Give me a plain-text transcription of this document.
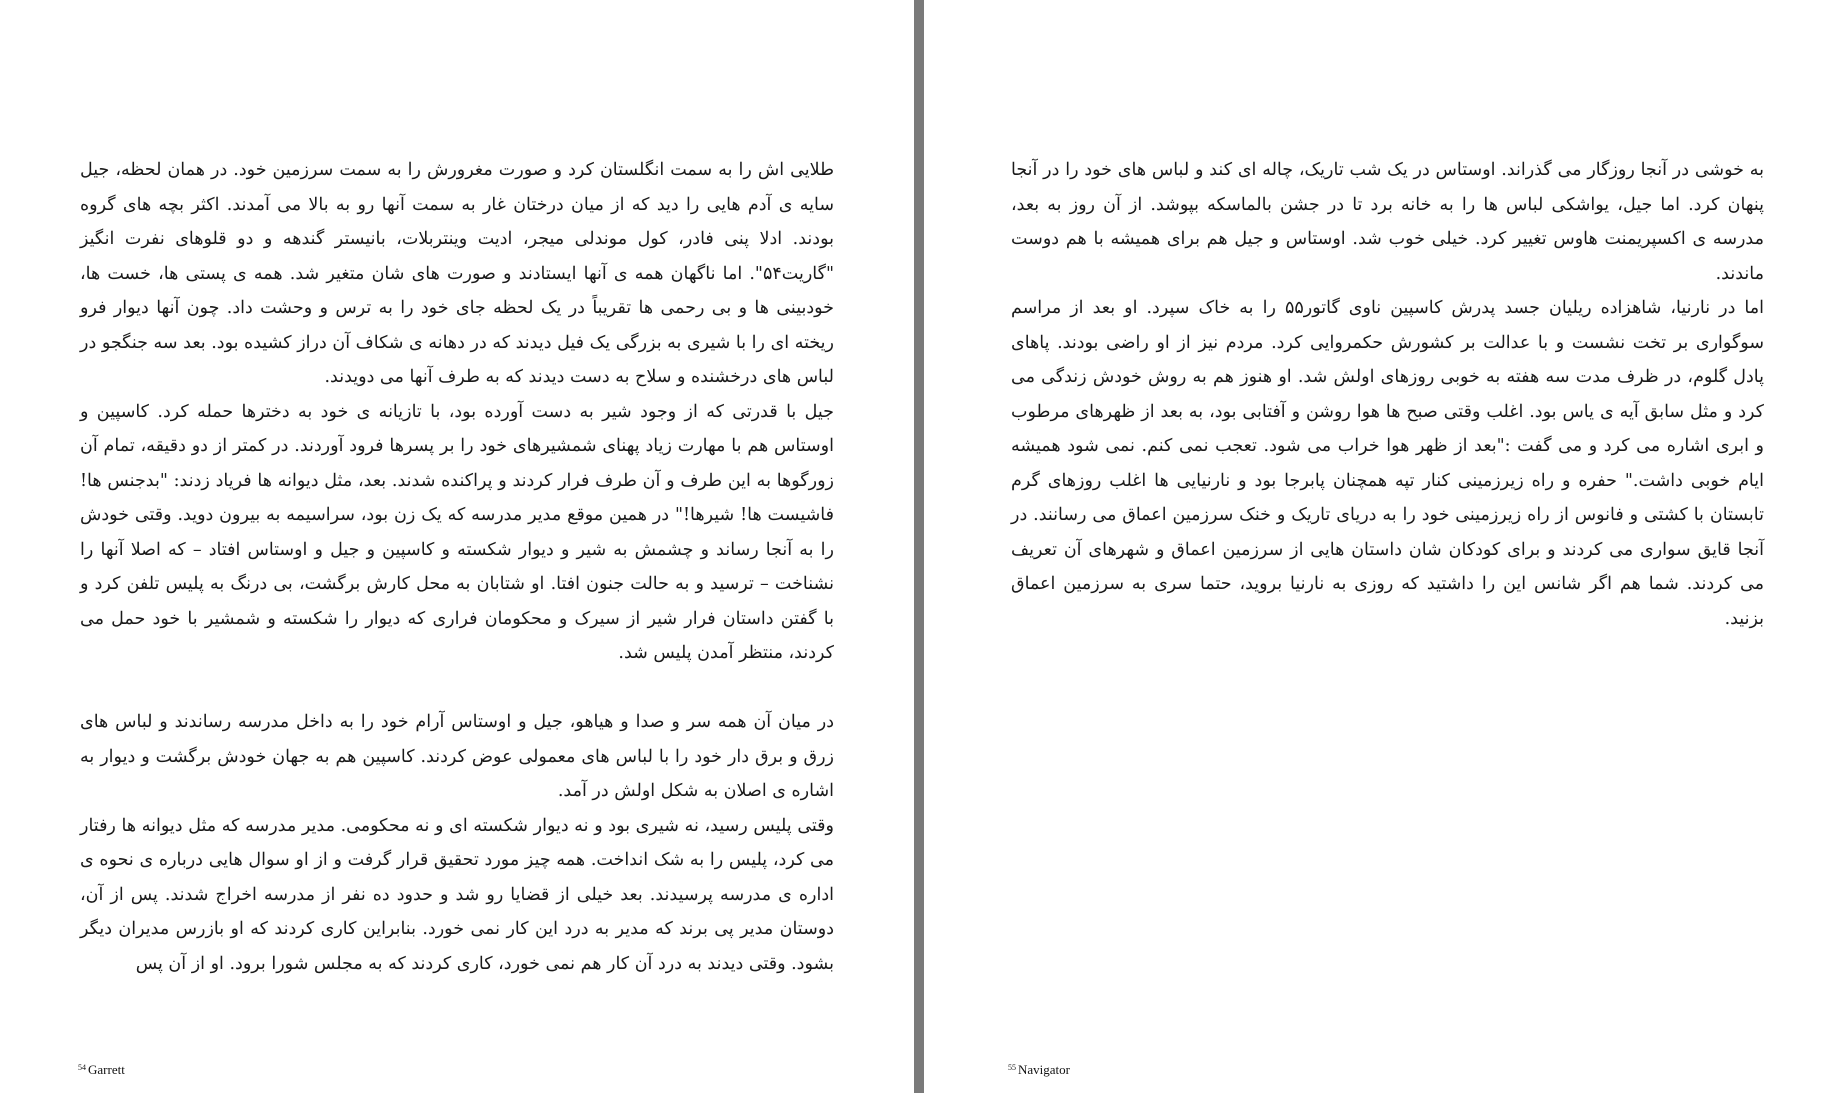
طلایی اش را به سمت انگلستان کرد و صورت مغرورش را به سمت سرزمین خود. در همان لحظه، جیل سایه ی آدم هایی را دید که از میان درختان غار به سمت آنها رو به بالا می آمدند. اکثر بچه های گروه بودند. ادلا پنی فادر، کول موندلی میجر، ادیت وینتربلات، بانیستر گندهه و دو قلوهای نفرت انگیز "گاریت۵۴". اما ناگهان همه ی آنها ایستادند و صورت های شان متغیر شد. همه ی پستی ها، خست ها، خودبینی ها و بی رحمی ها تقریباً در یک لحظه جای خود را به ترس و وحشت داد. چون آنها دیوار فرو ریخته ای را با شیری به بزرگی یک فیل دیدند که در دهانه ی شکاف آن دراز کشیده بود. بعد سه جنگجو در لباس های درخشنده و سلاح به دست دیدند که به طرف آنها می دویدند.

جیل با قدرتی که از وجود شیر به دست آورده بود، با تازیانه ی خود به دخترها حمله کرد. کاسپین و اوستاس هم با مهارت زیاد پهنای شمشیرهای خود را بر پسرها فرود آوردند. در کمتر از دو دقیقه، تمام آن زورگوها به این طرف و آن طرف فرار کردند و پراکنده شدند. بعد، مثل دیوانه ها فریاد زدند: "بدجنس ها! فاشیست ها! شیرها!" در همین موقع مدیر مدرسه که یک زن بود، سراسیمه به بیرون دوید. وقتی خودش را به آنجا رساند و چشمش به شیر و دیوار شکسته و کاسپین و جیل و اوستاس افتاد – که اصلا آنها را نشناخت – ترسید و به حالت جنون افتا. او شتابان به محل کارش برگشت، بی درنگ به پلیس تلفن کرد و با گفتن داستان فرار شیر از سیرک و محکومان فراری که دیوار را شکسته و شمشیر با خود حمل می کردند، منتظر آمدن پلیس شد.

در میان آن همه سر و صدا و هیاهو، جیل و اوستاس آرام خود را به داخل مدرسه رساندند و لباس های زرق و برق دار خود را با لباس های معمولی عوض کردند. کاسپین هم به جهان خودش برگشت و دیوار به اشاره ی اصلان به شکل اولش در آمد.

وقتی پلیس رسید، نه شیری بود و نه دیوار شکسته ای و نه محکومی. مدیر مدرسه که مثل دیوانه ها رفتار می کرد، پلیس را به شک انداخت. همه چیز مورد تحقیق قرار گرفت و از او سوال هایی درباره ی نحوه ی اداره ی مدرسه پرسیدند. بعد خیلی از قضایا رو شد و حدود ده نفر از مدرسه اخراج شدند. پس از آن، دوستان مدیر پی برند که مدیر به درد این کار نمی خورد. بنابراین کاری کردند که او بازرس مدیران دیگر بشود. وقتی دیدند به درد آن کار هم نمی خورد، کاری کردند که به مجلس شورا برود. او از آن پس

$^{54}$ Garrett

به خوشی در آنجا روزگار می گذراند. اوستاس در یک شب تاریک، چاله ای کند و لباس های خود را در آنجا پنهان کرد. اما جیل، یواشکی لباس ها را به خانه برد تا در جشن بالماسکه بپوشد. از آن روز به بعد، مدرسه ی اکسپریمنت هاوس تغییر کرد. خیلی خوب شد. اوستاس و جیل هم برای همیشه با هم دوست ماندند.

اما در نارنیا، شاهزاده ریلیان جسد پدرش کاسپین ناوی گاتور۵۵ را به خاک سپرد. او بعد از مراسم سوگواری بر تخت نشست و با عدالت بر کشورش حکمروایی کرد. مردم نیز از او راضی بودند. پاهای پادل گلوم، در ظرف مدت سه هفته به خوبی روزهای اولش شد. او هنوز هم به روش خودش زندگی می کرد و مثل سابق آیه ی یاس بود. اغلب وقتی صبح ها هوا روشن و آفتابی بود، به بعد از ظهرهای مرطوب و ابری اشاره می کرد و می گفت :"بعد از ظهر هوا خراب می شود. تعجب نمی کنم. نمی شود همیشه ایام خوبی داشت." حفره و راه زیرزمینی کنار تپه همچنان پابرجا بود و نارنیایی ها اغلب روزهای گرم تابستان با کشتی و فانوس از راه زیرزمینی خود را به دریای تاریک و خنک سرزمین اعماق می رسانند. در آنجا قایق سواری می کردند و برای کودکان شان داستان هایی از سرزمین اعماق و شهرهای آن تعریف می کردند. شما هم اگر شانس این را داشتید که روزی به نارنیا بروید، حتما سری به سرزمین اعماق بزنید.

$^{55}$ Navigator
